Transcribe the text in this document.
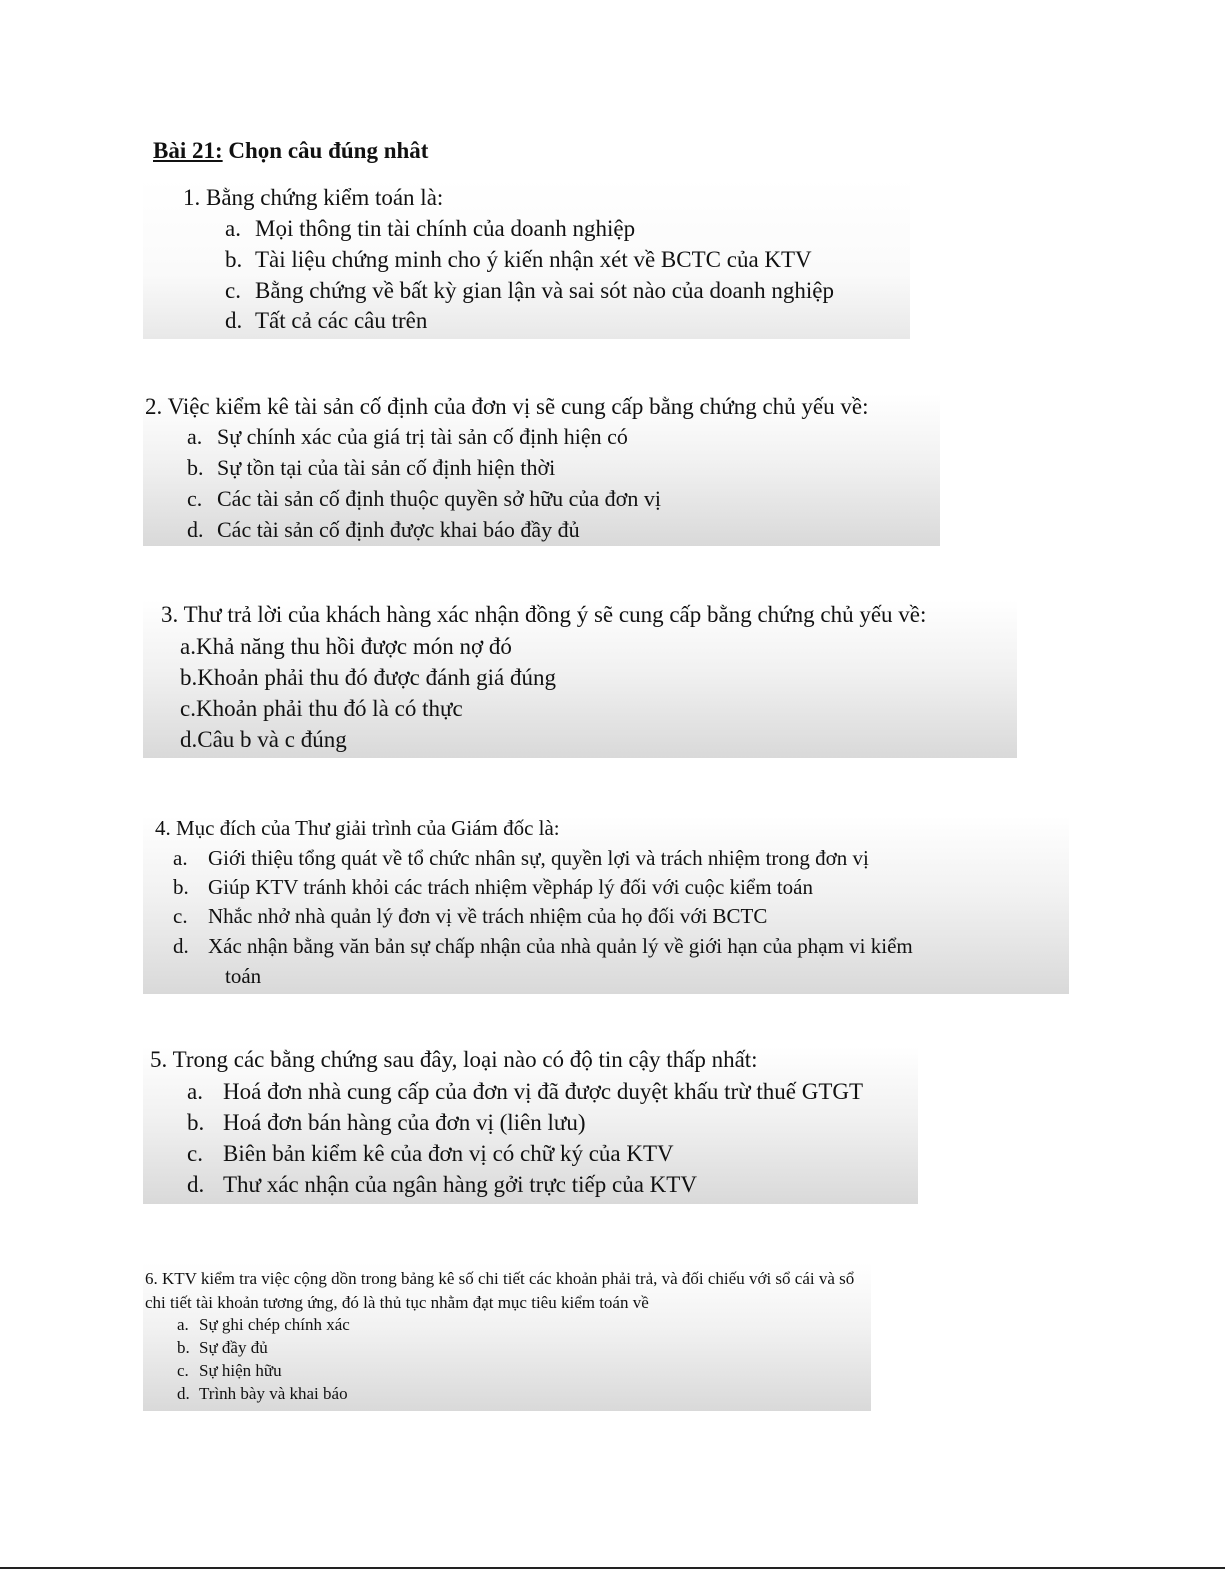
Bài 21: Chọn câu đúng nhât
1. Bằng chứng kiểm toán là:
a. Mọi thông tin tài chính của doanh nghiệp
b. Tài liệu chứng minh cho ý kiến nhận xét về BCTC của KTV
c. Bằng chứng về bất kỳ gian lận và sai sót nào của doanh nghiệp
d. Tất cả các câu trên
2. Việc kiểm kê tài sản cố định của đơn vị sẽ cung cấp bằng chứng chủ yếu về:
a. Sự chính xác của giá trị tài sản cố định hiện có
b. Sự tồn tại của tài sản cố định hiện thời
c. Các tài sản cố định thuộc quyền sở hữu của đơn vị
d. Các tài sản cố định được khai báo đầy đủ
3. Thư trả lời của khách hàng xác nhận đồng ý sẽ cung cấp bằng chứng chủ yếu về:
a.Khả năng thu hồi được món nợ đó
b.Khoản phải thu đó được đánh giá đúng
c.Khoản phải thu đó là có thực
d.Câu b và c đúng
4. Mục đích của Thư giải trình của Giám đốc là:
a. Giới thiệu tổng quát về tổ chức nhân sự, quyền lợi và trách nhiệm trong đơn vị
b. Giúp KTV tránh khỏi các trách nhiệm vềpháp lý đối với cuộc kiểm toán
c. Nhắc nhở nhà quản lý đơn vị về trách nhiệm của họ đối với BCTC
d. Xác nhận bằng văn bản sự chấp nhận của nhà quản lý về giới hạn của phạm vi kiểm
toán
5. Trong các bằng chứng sau đây, loại nào có độ tin cậy thấp nhất:
a. Hoá đơn nhà cung cấp của đơn vị đã được duyệt khấu trừ thuế GTGT
b. Hoá đơn bán hàng của đơn vị (liên lưu)
c. Biên bản kiểm kê của đơn vị có chữ ký của KTV
d. Thư xác nhận của ngân hàng gởi trực tiếp của KTV
6. KTV kiểm tra việc cộng dồn trong bảng kê số chi tiết các khoản phải trả, và đối chiếu với sổ cái và sổ chi tiết tài khoản tương ứng, đó là thủ tục nhằm đạt mục tiêu kiểm toán về
a. Sự ghi chép chính xác
b. Sự đầy đủ
c. Sự hiện hữu
d. Trình bày và khai báo
